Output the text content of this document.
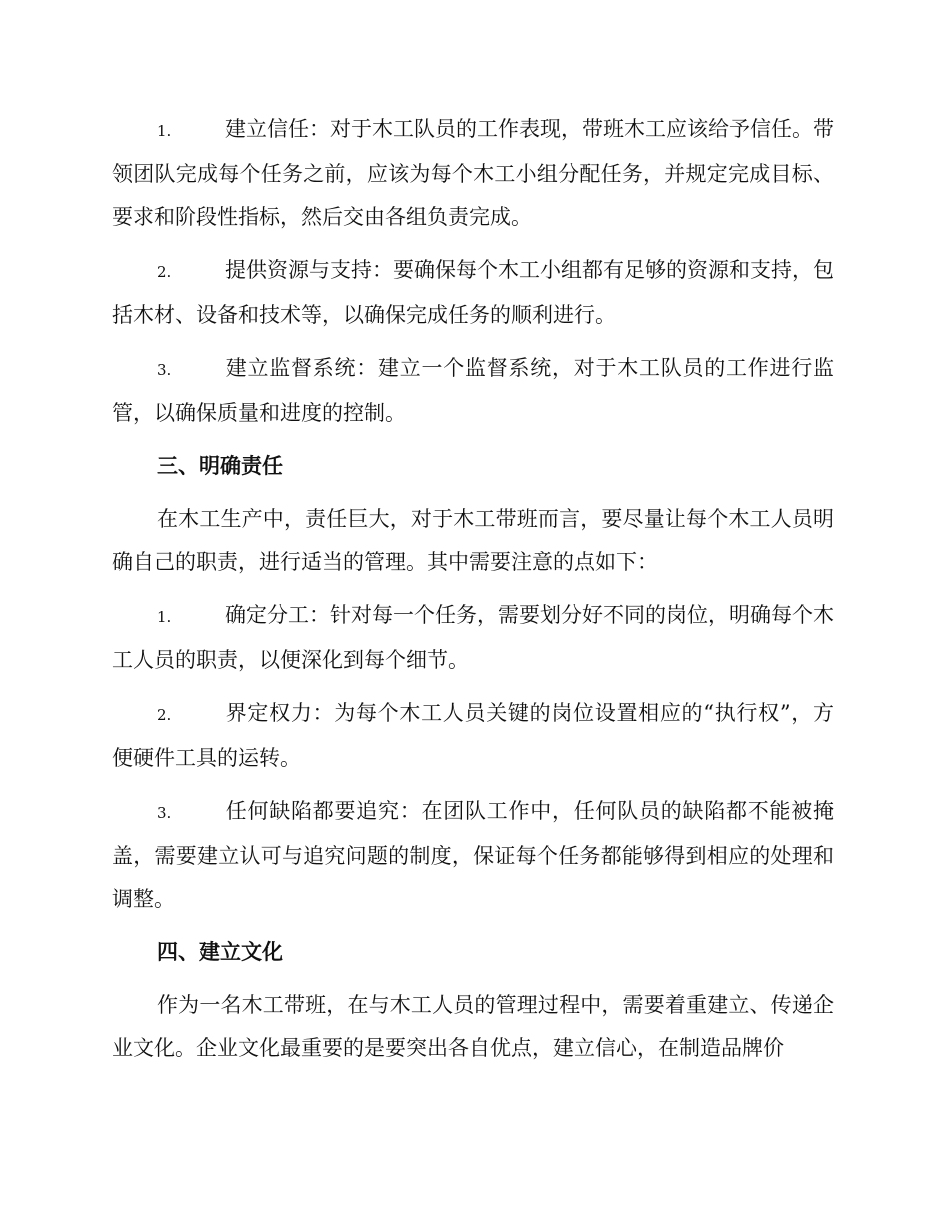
1.	建立信任：对于木工队员的工作表现，带班木工应该给予信任。带领团队完成每个任务之前，应该为每个木工小组分配任务，并规定完成目标、要求和阶段性指标，然后交由各组负责完成。
2.	提供资源与支持：要确保每个木工小组都有足够的资源和支持，包括木材、设备和技术等，以确保完成任务的顺利进行。
3.	建立监督系统：建立一个监督系统，对于木工队员的工作进行监管，以确保质量和进度的控制。
三、明确责任
在木工生产中，责任巨大，对于木工带班而言，要尽量让每个木工人员明确自己的职责，进行适当的管理。其中需要注意的点如下：
1.	确定分工：针对每一个任务，需要划分好不同的岗位，明确每个木工人员的职责，以便深化到每个细节。
2.	界定权力：为每个木工人员关键的岗位设置相应的“执行权”，方便硬件工具的运转。
3.	任何缺陷都要追究：在团队工作中，任何队员的缺陷都不能被掩盖，需要建立认可与追究问题的制度，保证每个任务都能够得到相应的处理和调整。
四、建立文化
作为一名木工带班，在与木工人员的管理过程中，需要着重建立、传递企业文化。企业文化最重要的是要突出各自优点，建立信心，在制造品牌价
